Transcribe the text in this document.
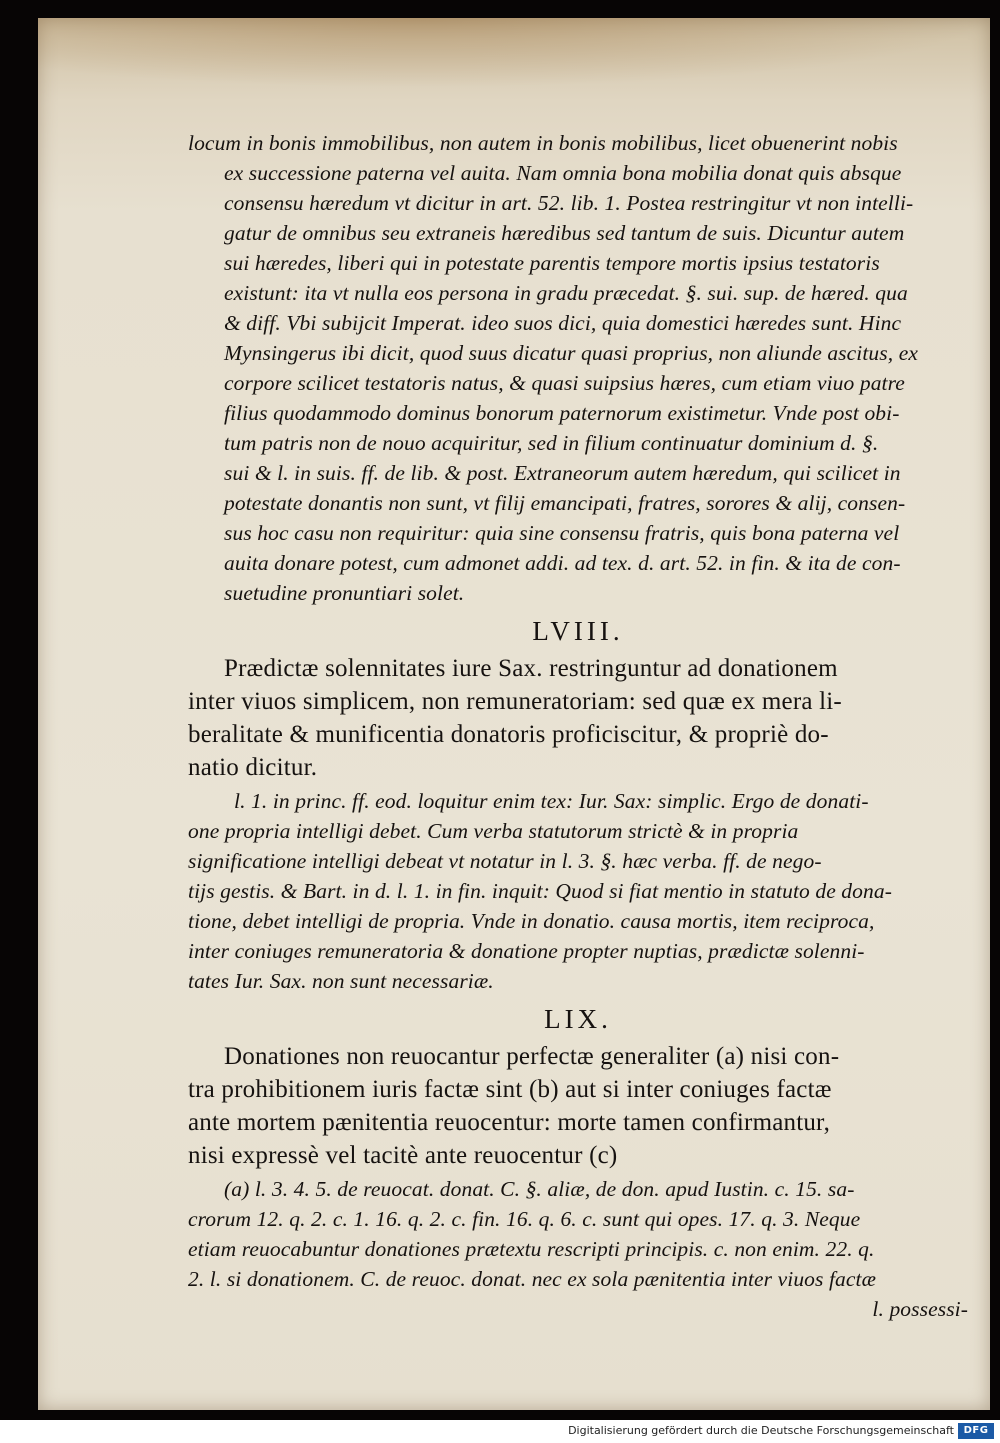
locum in bonis immobilibus, non autem in bonis mobilibus, licet obuenerint nobis
ex successione paterna vel auita. Nam omnia bona mobilia donat quis absque
consensu hæredum vt dicitur in art. 52. lib. 1. Postea restringitur vt non intelli-
gatur de omnibus seu extraneis hæredibus sed tantum de suis. Dicuntur autem
sui hæredes, liberi qui in potestate parentis tempore mortis ipsius testatoris
existunt: ita vt nulla eos persona in gradu præcedat. §. sui. sup. de hæred. qua
& diff. Vbi subijcit Imperat. ideo suos dici, quia domestici hæredes sunt. Hinc
Mynsingerus ibi dicit, quod suus dicatur quasi proprius, non aliunde ascitus, ex
corpore scilicet testatoris natus, & quasi suipsius hæres, cum etiam viuo patre
filius quodammodo dominus bonorum paternorum existimetur. Vnde post obi-
tum patris non de nouo acquiritur, sed in filium continuatur dominium d. §.
sui & l. in suis. ff. de lib. & post. Extraneorum autem hæredum, qui scilicet in
potestate donantis non sunt, vt filij emancipati, fratres, sorores & alij, consen-
sus hoc casu non requiritur: quia sine consensu fratris, quis bona paterna vel
auita donare potest, cum admonet addi. ad tex. d. art. 52. in fin. & ita de con-
suetudine pronuntiari solet.
LVIII.
Prædictæ solennitates iure Sax. restringuntur ad donationem
inter viuos simplicem, non remuneratoriam: sed quæ ex mera li-
beralitate & munificentia donatoris proficiscitur, & propriè do-
natio dicitur.
l. 1. in princ. ff. eod. loquitur enim tex: Iur. Sax: simplic. Ergo de donati-
one propria intelligi debet. Cum verba statutorum strictè & in propria
significatione intelligi debeat vt notatur in l. 3. §. hæc verba. ff. de nego-
tijs gestis. & Bart. in d. l. 1. in fin. inquit: Quod si fiat mentio in statuto de dona-
tione, debet intelligi de propria. Vnde in donatio. causa mortis, item reciproca,
inter coniuges remuneratoria & donatione propter nuptias, prædictæ solenni-
tates Iur. Sax. non sunt necessariæ.
LIX.
Donationes non reuocantur perfectæ generaliter (a) nisi con-
tra prohibitionem iuris factæ sint (b) aut si inter coniuges factæ
ante mortem pænitentia reuocentur: morte tamen confirmantur,
nisi expressè vel tacitè ante reuocentur (c)
(a) l. 3. 4. 5. de reuocat. donat. C. §. aliæ, de don. apud Iustin. c. 15. sa-
crorum 12. q. 2. c. 1. 16. q. 2. c. fin. 16. q. 6. c. sunt qui opes. 17. q. 3. Neque
etiam reuocabuntur donationes prætextu rescripti principis. c. non enim. 22. q.
2. l. si donationem. C. de reuoc. donat. nec ex sola pænitentia inter viuos factæ
l. possessi-
Digitalisierung gefördert durch die Deutsche Forschungsgemeinschaft DFG
